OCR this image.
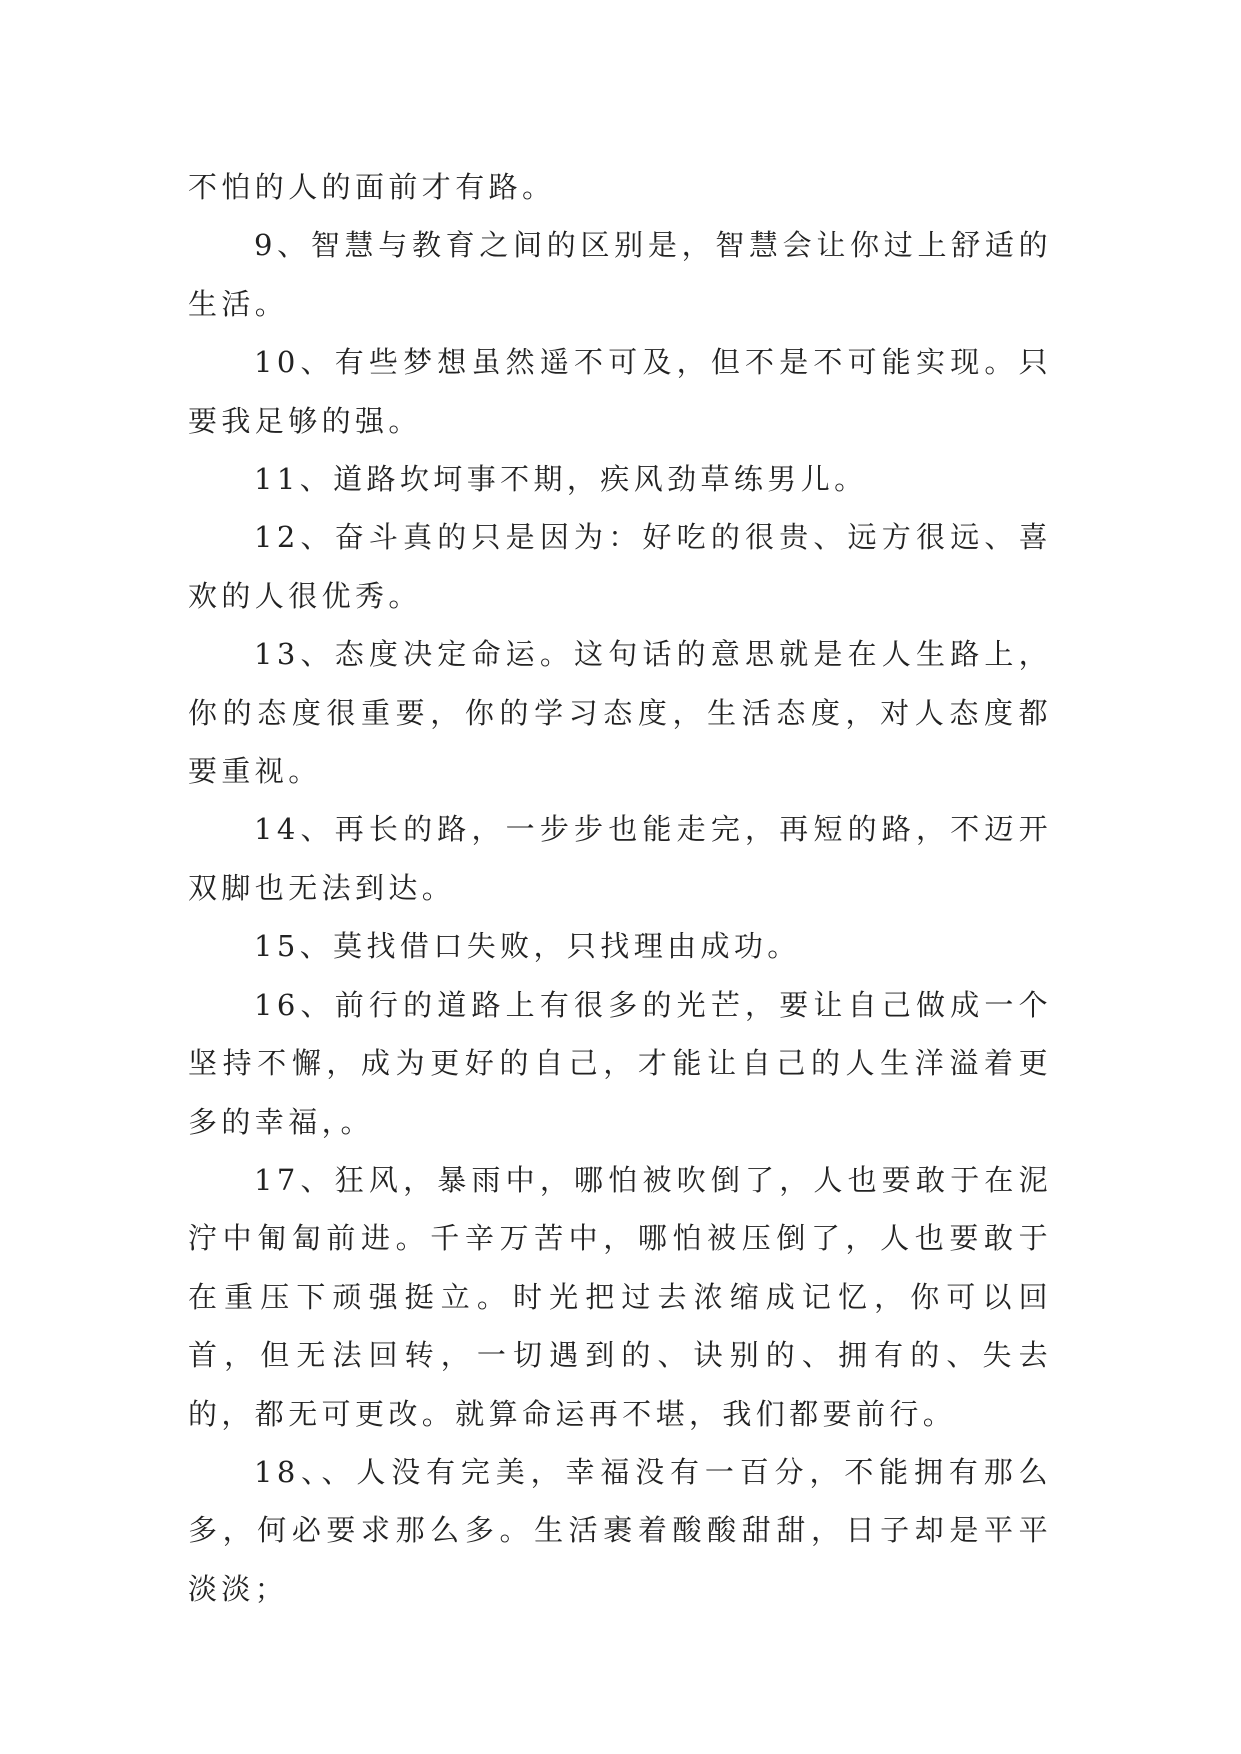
不怕的人的面前才有路。

9、智慧与教育之间的区别是，智慧会让你过上舒适的生活。

10、有些梦想虽然遥不可及，但不是不可能实现。只要我足够的强。

11、道路坎坷事不期，疾风劲草练男儿。

12、奋斗真的只是因为：好吃的很贵、远方很远、喜欢的人很优秀。

13、态度决定命运。这句话的意思就是在人生路上，你的态度很重要，你的学习态度，生活态度，对人态度都要重视。

14、再长的路，一步步也能走完，再短的路，不迈开双脚也无法到达。

15、莫找借口失败，只找理由成功。

16、前行的道路上有很多的光芒，要让自己做成一个坚持不懈，成为更好的自己，才能让自己的人生洋溢着更多的幸福，。

17、狂风，暴雨中，哪怕被吹倒了，人也要敢于在泥泞中匍匐前进。千辛万苦中，哪怕被压倒了，人也要敢于在重压下顽强挺立。时光把过去浓缩成记忆，你可以回首，但无法回转，一切遇到的、诀别的、拥有的、失去的，都无可更改。就算命运再不堪，我们都要前行。

18、、人没有完美，幸福没有一百分，不能拥有那么多，何必要求那么多。生活裹着酸酸甜甜，日子却是平平淡淡；
